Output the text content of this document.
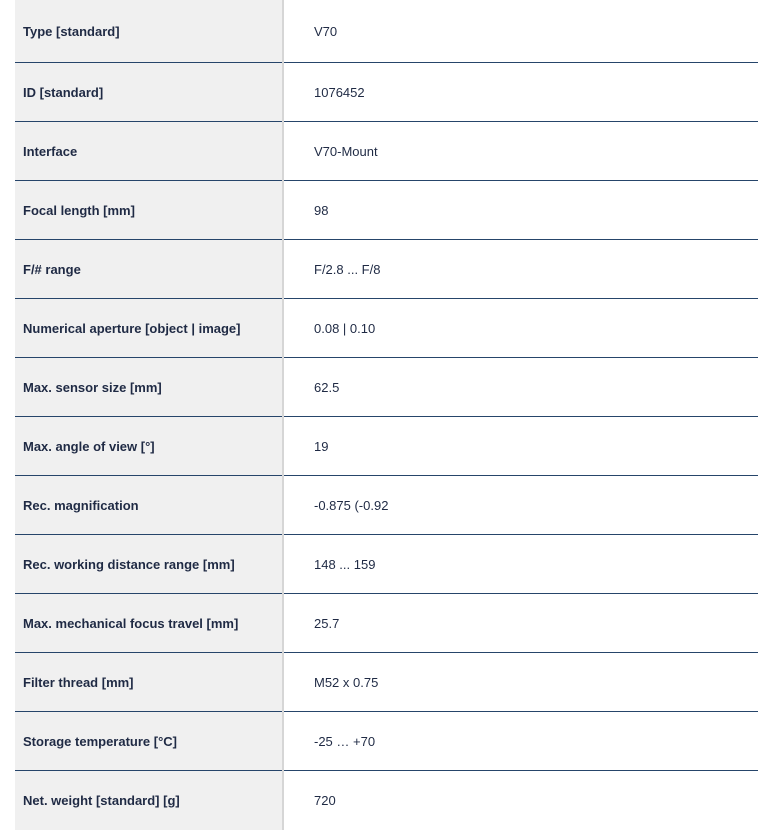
Type [standard]	V70
ID [standard]	1076452
Interface	V70-Mount
Focal length [mm]	98
F/# range	F/2.8 ... F/8
Numerical aperture [object | image]	0.08 | 0.10
Max. sensor size [mm]	62.5
Max. angle of view [°]	19
Rec. magnification	-0.875 (-0.92
Rec. working distance range [mm]	148 ... 159
Max. mechanical focus travel [mm]	25.7
Filter thread [mm]	M52 x 0.75
Storage temperature [°C]	-25 … +70
Net. weight [standard] [g]	720
